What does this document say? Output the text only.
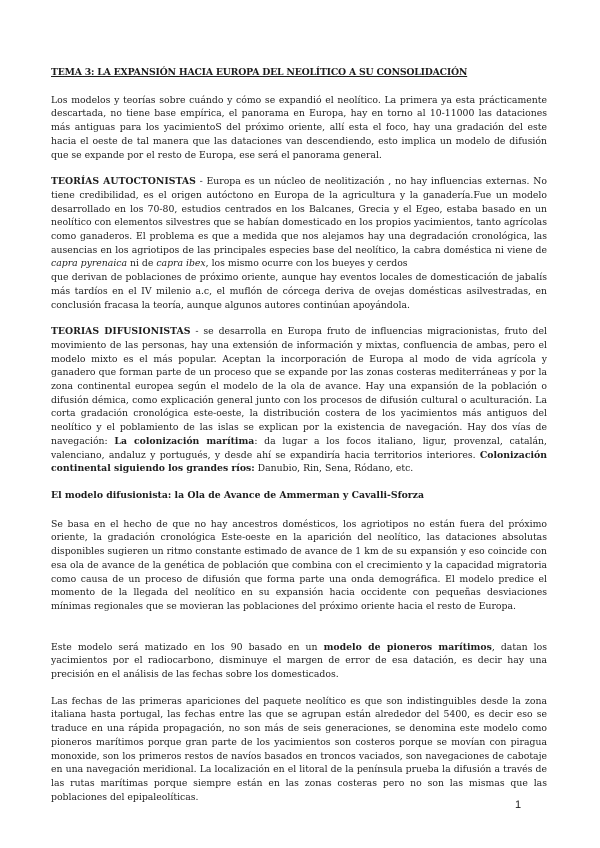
TEMA 3: LA EXPANSIÓN HACIA EUROPA DEL NEOLÍTICO A SU CONSOLIDACIÓN

Los modelos y teorías sobre cuándo y cómo se expandió el neolítico. La primera ya esta prácticamente descartada, no tiene base empírica, el panorama en Europa, hay en torno al 10-11000 las dataciones más antiguas para los yacimientoS del próximo oriente, allí esta el foco, hay una gradación del este hacia el oeste de tal manera que las dataciones van descendiendo, esto implica un modelo de difusión que se expande por el resto de Europa, ese será el panorama general.

TEORÍAS AUTOCTONISTAS - Europa es un núcleo de neolitización , no hay influencias externas. No tiene credibilidad, es el origen autóctono en Europa de la agricultura y la ganadería.Fue un modelo desarrollado en los 70-80, estudios centrados en los Balcanes, Grecia y el Egeo, estaba basado en un neolítico con elementos silvestres que se habían domesticado en los propios yacimientos, tanto agrícolas como ganaderos. El problema es que a medida que nos alejamos hay una degradación cronológica, las ausencias en los agriotipos de las principales especies base del neolítico, la cabra doméstica ni viene de capra pyrenaica ni de capra ibex, los mismo ocurre con los bueyes y cerdos
que derivan de poblaciones de próximo oriente, aunque hay eventos locales de domesticación de jabalís más tardíos en el IV milenio a.c, el muflón de córcega deriva de ovejas domésticas asilvestradas, en conclusión fracasa la teoría, aunque algunos autores continúan apoyándola.

TEORIAS DIFUSIONISTAS - se desarrolla en Europa fruto de influencias migracionistas, fruto del movimiento de las personas, hay una extensión de información y mixtas, confluencia de ambas, pero el modelo mixto es el más popular. Aceptan la incorporación de Europa al modo de vida agrícola y ganadero que forman parte de un proceso que se expande por las zonas costeras mediterráneas y por la zona continental europea según el modelo de la ola de avance. Hay una expansión de la población o difusión démica, como explicación general junto con los procesos de difusión cultural o aculturación. La corta gradación cronológica este-oeste, la distribución costera de los yacimientos más antiguos del neolítico y el poblamiento de las islas se explican por la existencia de navegación. Hay dos vías de navegación: La colonización marítima: da lugar a los focos italiano, ligur, provenzal, catalán, valenciano, andaluz y portugués, y desde ahí se expandiría hacia territorios interiores. Colonización continental siguiendo los grandes ríos: Danubio, Rin, Sena, Ródano, etc.

El modelo difusionista: la Ola de Avance de Ammerman y Cavalli-Sforza

Se basa en el hecho de que no hay ancestros domésticos, los agriotipos no están fuera del próximo oriente, la gradación cronológica Este-oeste en la aparición del neolítico, las dataciones absolutas disponibles sugieren un ritmo constante estimado de avance de 1 km de su expansión y eso coincide con esa ola de avance de la genética de población que combina con el crecimiento y la capacidad migratoria como causa de un proceso de difusión que forma parte una onda demográfica. El modelo predice el momento de la llegada del neolítico en su expansión hacia occidente con pequeñas desviaciones mínimas regionales que se movieran las poblaciones del próximo oriente hacia el resto de Europa.

Este modelo será matizado en los 90 basado en un modelo de pioneros marítimos, datan los yacimientos por el radiocarbono, disminuye el margen de error de esa datación, es decir hay una precisión en el análisis de las fechas sobre los domesticados.

Las fechas de las primeras apariciones del paquete neolítico es que son indistinguibles desde la zona italiana hasta portugal, las fechas entre las que se agrupan están alrededor del 5400, es decir eso se traduce en una rápida propagación, no son más de seis generaciones, se denomina este modelo como pioneros marítimos porque gran parte de los yacimientos son costeros porque se movían con piragua monoxide, son los primeros restos de navíos basados en troncos vaciados, son navegaciones de cabotaje en una navegación meridional. La localización en el litoral de la península prueba la difusión a través de las rutas marítimas porque siempre están en las zonas costeras pero no son las mismas que las poblaciones del epipaleolíticas.

1
